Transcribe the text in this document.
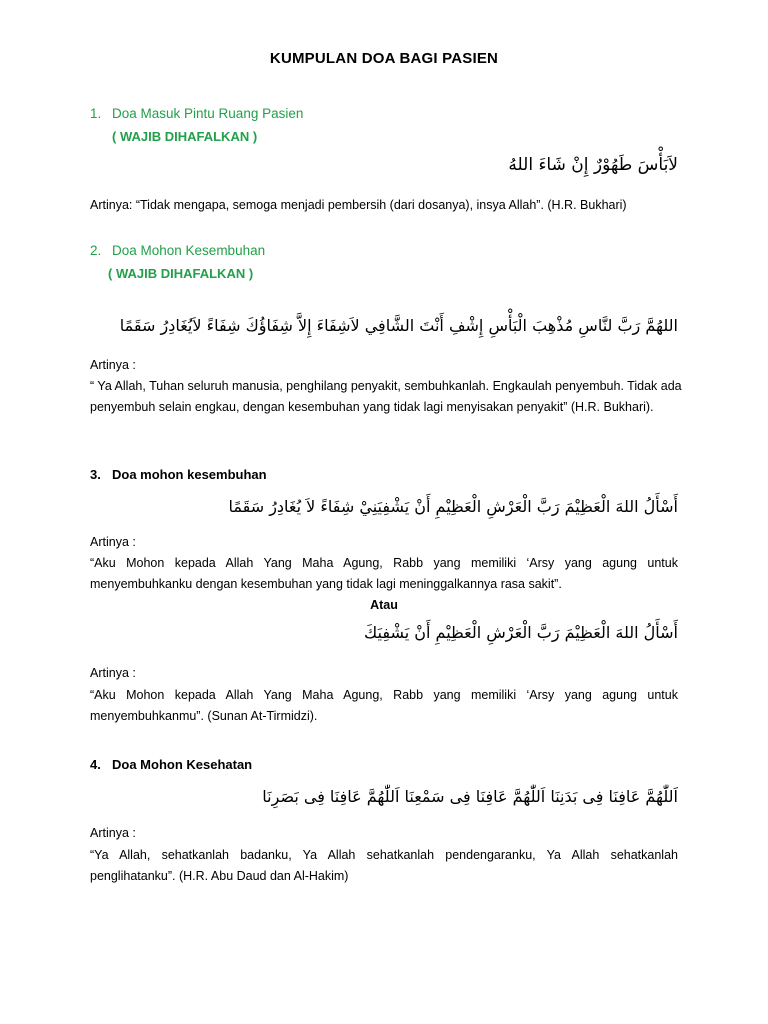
KUMPULAN DOA BAGI PASIEN
1. Doa Masuk Pintu Ruang Pasien
( WAJIB DIHAFALKAN )
لاَبَأْسَ طَهُوْرٌ إِنْ شَاءَ اللهُ
Artinya: “Tidak mengapa, semoga menjadi pembersih (dari dosanya), insya Allah”. (H.R. Bukhari)
2. Doa Mohon Kesembuhan
( WAJIB DIHAFALKAN )
اللهُمَّ رَبَّ لنَّاسِ مُذْهِبَ الْبَأْسِ إِشْفِ أَنْتَ الشَّافِي لاَشِفَاءَ إِلاَّ شِفَاؤُكَ شِفَاءً لاَيُغَادِرُ سَقَمًا
Artinya :
“ Ya Allah, Tuhan seluruh manusia, penghilang penyakit, sembuhkanlah. Engkaulah penyembuh. Tidak ada penyembuh selain engkau, dengan kesembuhan yang tidak lagi menyisakan penyakit” (H.R. Bukhari).
3. Doa mohon kesembuhan
أَسْأَلُ اللهَ الْعَظِيْمَ رَبَّ الْعَرْشِ الْعَظِيْمِ أَنْ يَشْفِيَنِيْ شِفَاءً لاَ يُغَادِرُ سَقَمًا
Artinya :
“Aku Mohon kepada Allah Yang Maha Agung, Rabb yang memiliki ‘Arsy yang agung untuk menyembuhkanku dengan kesembuhan yang tidak lagi meninggalkannya rasa sakit”.
Atau
أَسْأَلُ اللهَ الْعَظِيْمَ رَبَّ الْعَرْشِ الْعَظِيْمِ أَنْ يَشْفِيَكَ
Artinya :
“Aku Mohon kepada Allah Yang Maha Agung, Rabb yang memiliki ‘Arsy yang agung untuk menyembuhkanmu”. (Sunan At-Tirmidzi).
4. Doa Mohon Kesehatan
اَللّٰهُمَّ عَافِنَا فِى بَدَنِنَا اَللّٰهُمَّ عَافِنَا فِى سَمْعِنَا اَللّٰهُمَّ عَافِنَا فِى بَصَرِنَا
Artinya :
“Ya Allah, sehatkanlah badanku, Ya Allah sehatkanlah pendengaranku, Ya Allah sehatkanlah penglihatanku”. (H.R. Abu Daud dan Al-Hakim)
